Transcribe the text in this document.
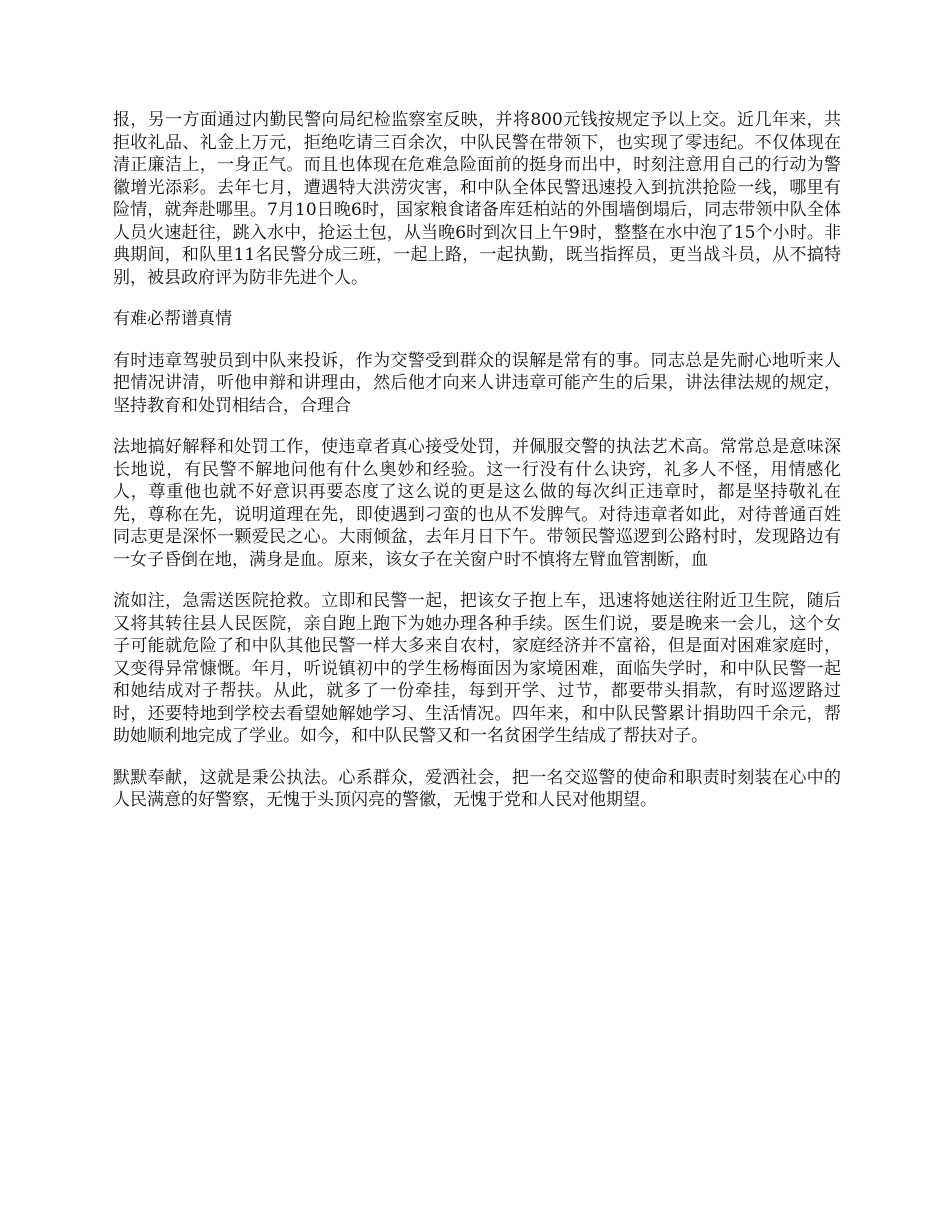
报，另一方面通过内勤民警向局纪检监察室反映，并将800元钱按规定予以上交。近几年来，共拒收礼品、礼金上万元，拒绝吃请三百余次，中队民警在带领下，也实现了零违纪。不仅体现在清正廉洁上，一身正气。而且也体现在危难急险面前的挺身而出中，时刻注意用自己的行动为警徽增光添彩。去年七月，遭遇特大洪涝灾害，和中队全体民警迅速投入到抗洪抢险一线，哪里有险情，就奔赴哪里。7月10日晚6时，国家粮食诸备库廷柏站的外围墙倒塌后，同志带领中队全体人员火速赶往，跳入水中，抢运土包，从当晚6时到次日上午9时，整整在水中泡了15个小时。非典期间，和队里11名民警分成三班，一起上路，一起执勤，既当指挥员，更当战斗员，从不搞特别，被县政府评为防非先进个人。

有难必帮谱真情

有时违章驾驶员到中队来投诉，作为交警受到群众的误解是常有的事。同志总是先耐心地听来人把情况讲清，听他申辩和讲理由，然后他才向来人讲违章可能产生的后果，讲法律法规的规定，坚持教育和处罚相结合，合理合

法地搞好解释和处罚工作，使违章者真心接受处罚，并佩服交警的执法艺术高。常常总是意味深长地说，有民警不解地问他有什么奥妙和经验。这一行没有什么诀窍，礼多人不怪，用情感化人，尊重他也就不好意识再要态度了这么说的更是这么做的每次纠正违章时，都是坚持敬礼在先，尊称在先，说明道理在先，即使遇到刁蛮的也从不发脾气。对待违章者如此，对待普通百姓同志更是深怀一颗爱民之心。大雨倾盆，去年月日下午。带领民警巡逻到公路村时，发现路边有一女子昏倒在地，满身是血。原来，该女子在关窗户时不慎将左臂血管割断，血

流如注，急需送医院抢救。立即和民警一起，把该女子抱上车，迅速将她送往附近卫生院，随后又将其转往县人民医院，亲自跑上跑下为她办理各种手续。医生们说，要是晚来一会儿，这个女子可能就危险了和中队其他民警一样大多来自农村，家庭经济并不富裕，但是面对困难家庭时，又变得异常慷慨。年月，听说镇初中的学生杨梅面因为家境困难，面临失学时，和中队民警一起和她结成对子帮扶。从此，就多了一份牵挂，每到开学、过节，都要带头捐款，有时巡逻路过时，还要特地到学校去看望她解她学习、生活情况。四年来，和中队民警累计捐助四千余元，帮助她顺利地完成了学业。如今，和中队民警又和一名贫困学生结成了帮扶对子。

默默奉献，这就是秉公执法。心系群众，爱洒社会，把一名交巡警的使命和职责时刻装在心中的人民满意的好警察，无愧于头顶闪亮的警徽，无愧于党和人民对他期望。
